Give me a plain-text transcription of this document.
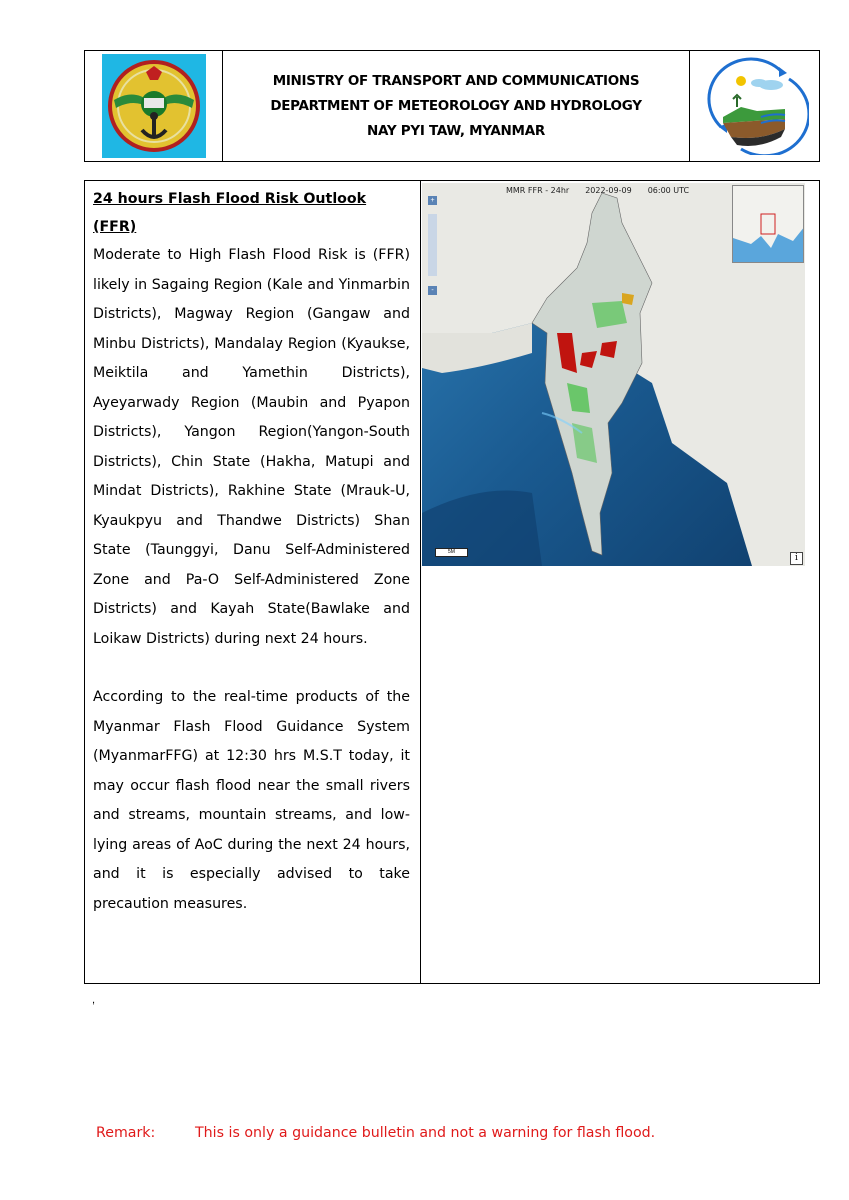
MINISTRY OF TRANSPORT AND COMMUNICATIONS
DEPARTMENT OF METEOROLOGY AND HYDROLOGY
NAY PYI TAW, MYANMAR
24 hours Flash Flood Risk Outlook (FFR)

Moderate to High Flash Flood Risk is (FFR) likely in Sagaing Region (Kale and Yinmarbin Districts), Magway Region (Gangaw and Minbu Districts), Mandalay Region (Kyaukse, Meiktila and Yamethin Districts), Ayeyarwady Region (Maubin and Pyapon Districts), Yangon Region(Yangon-South Districts), Chin State (Hakha, Matupi and Mindat Districts), Rakhine State (Mrauk-U, Kyaukpyu and Thandwe Districts) Shan State (Taunggyi, Danu Self-Administered Zone and Pa-O Self-Administered Zone Districts) and Kayah State(Bawlake and Loikaw Districts) during next 24 hours.

According to the real-time products of the Myanmar Flash Flood Guidance System (MyanmarFFG) at 12:30 hrs M.S.T today, it may occur flash flood near the small rivers and streams, mountain streams, and low-lying areas of AoC during the next 24 hours, and it is especially advised to take precaution measures.

MMR FFR - 24hr 2022-09-09 06:00 UTC
+
-
5M
i
,
Remark:	This is only a guidance bulletin and not a warning for flash flood.
